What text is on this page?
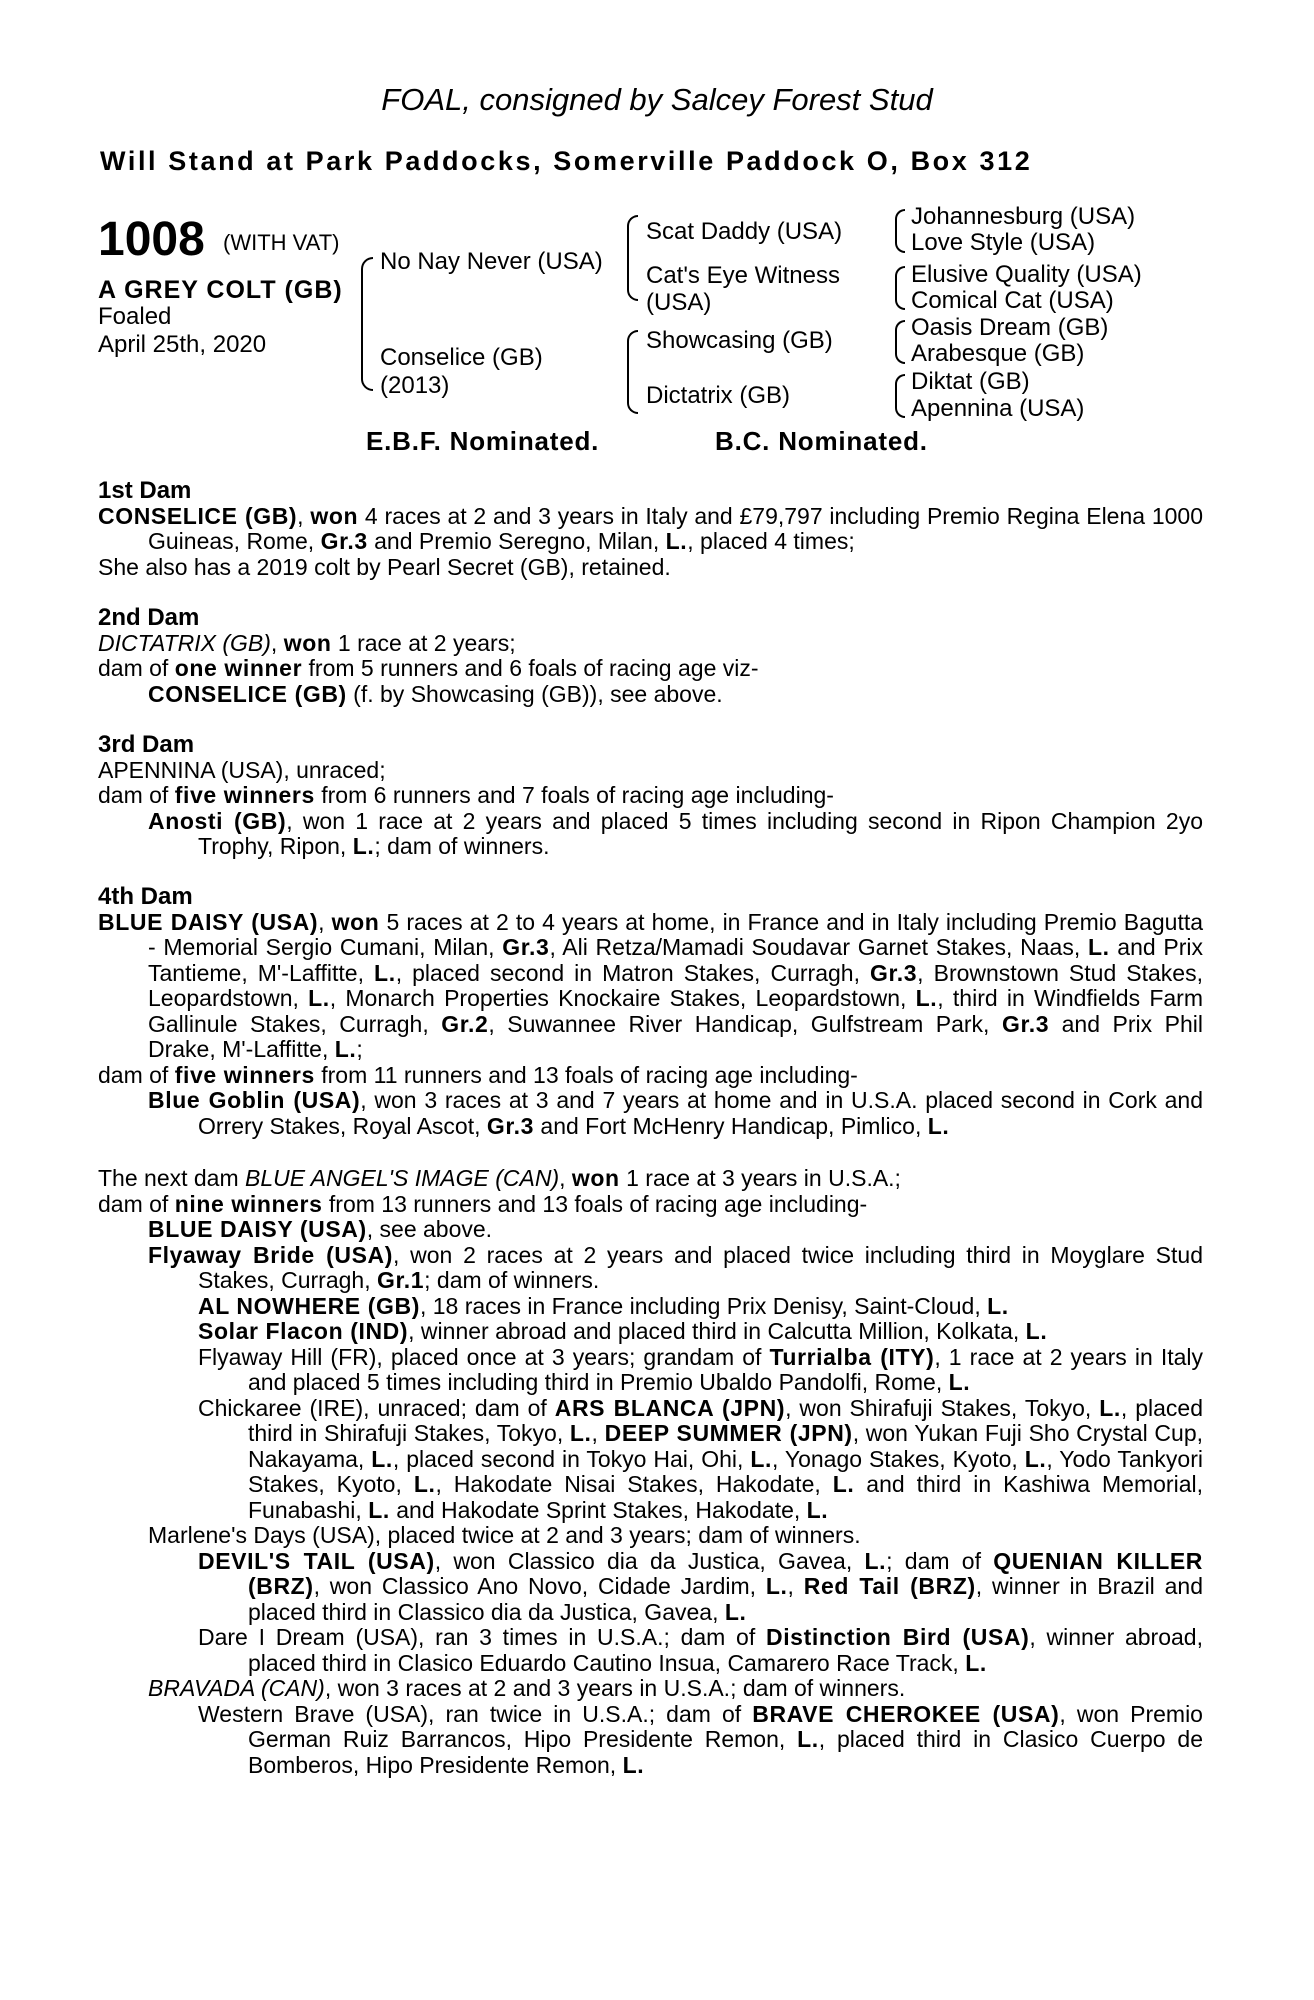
FOAL, consigned by Salcey Forest Stud
Will Stand at Park Paddocks, Somerville Paddock O, Box 312
1008 (WITH VAT)
A GREY COLT (GB)
Foaled
April 25th, 2020
No Nay Never (USA)
Conselice (GB)
(2013)
Scat Daddy (USA)
Cat's Eye Witness
(USA)
Showcasing (GB)
Dictatrix (GB)
Johannesburg (USA)
Love Style (USA)
Elusive Quality (USA)
Comical Cat (USA)
Oasis Dream (GB)
Arabesque (GB)
Diktat (GB)
Apennina (USA)
E.B.F. Nominated.	B.C. Nominated.

1st Dam

CONSELICE (GB), won 4 races at 2 and 3 years in Italy and £79,797 including Premio Regina Elena 1000 Guineas, Rome, Gr.3 and Premio Seregno, Milan, L., placed 4 times;

She also has a 2019 colt by Pearl Secret (GB), retained.

2nd Dam

DICTATRIX (GB), won 1 race at 2 years;

dam of one winner from 5 runners and 6 foals of racing age viz-

CONSELICE (GB) (f. by Showcasing (GB)), see above.

3rd Dam

APENNINA (USA), unraced;

dam of five winners from 6 runners and 7 foals of racing age including-

Anosti (GB), won 1 race at 2 years and placed 5 times including second in Ripon Champion 2yo Trophy, Ripon, L.; dam of winners.

4th Dam

BLUE DAISY (USA), won 5 races at 2 to 4 years at home, in France and in Italy including Premio Bagutta - Memorial Sergio Cumani, Milan, Gr.3, Ali Retza/Mamadi Soudavar Garnet Stakes, Naas, L. and Prix Tantieme, M'-Laffitte, L., placed second in Matron Stakes, Curragh, Gr.3, Brownstown Stud Stakes, Leopardstown, L., Monarch Properties Knockaire Stakes, Leopardstown, L., third in Windfields Farm Gallinule Stakes, Curragh, Gr.2, Suwannee River Handicap, Gulfstream Park, Gr.3 and Prix Phil Drake, M'-Laffitte, L.;

dam of five winners from 11 runners and 13 foals of racing age including-

Blue Goblin (USA), won 3 races at 3 and 7 years at home and in U.S.A. placed second in Cork and Orrery Stakes, Royal Ascot, Gr.3 and Fort McHenry Handicap, Pimlico, L.

The next dam BLUE ANGEL'S IMAGE (CAN), won 1 race at 3 years in U.S.A.;

dam of nine winners from 13 runners and 13 foals of racing age including-

BLUE DAISY (USA), see above.

Flyaway Bride (USA), won 2 races at 2 years and placed twice including third in Moyglare Stud Stakes, Curragh, Gr.1; dam of winners.

AL NOWHERE (GB), 18 races in France including Prix Denisy, Saint-Cloud, L.

Solar Flacon (IND), winner abroad and placed third in Calcutta Million, Kolkata, L.

Flyaway Hill (FR), placed once at 3 years; grandam of Turrialba (ITY), 1 race at 2 years in Italy and placed 5 times including third in Premio Ubaldo Pandolfi, Rome, L.

Chickaree (IRE), unraced; dam of ARS BLANCA (JPN), won Shirafuji Stakes, Tokyo, L., placed third in Shirafuji Stakes, Tokyo, L., DEEP SUMMER (JPN), won Yukan Fuji Sho Crystal Cup, Nakayama, L., placed second in Tokyo Hai, Ohi, L., Yonago Stakes, Kyoto, L., Yodo Tankyori Stakes, Kyoto, L., Hakodate Nisai Stakes, Hakodate, L. and third in Kashiwa Memorial, Funabashi, L. and Hakodate Sprint Stakes, Hakodate, L.

Marlene's Days (USA), placed twice at 2 and 3 years; dam of winners.

DEVIL'S TAIL (USA), won Classico dia da Justica, Gavea, L.; dam of QUENIAN KILLER (BRZ), won Classico Ano Novo, Cidade Jardim, L., Red Tail (BRZ), winner in Brazil and placed third in Classico dia da Justica, Gavea, L.

Dare I Dream (USA), ran 3 times in U.S.A.; dam of Distinction Bird (USA), winner abroad, placed third in Clasico Eduardo Cautino Insua, Camarero Race Track, L.

BRAVADA (CAN), won 3 races at 2 and 3 years in U.S.A.; dam of winners.

Western Brave (USA), ran twice in U.S.A.; dam of BRAVE CHEROKEE (USA), won Premio German Ruiz Barrancos, Hipo Presidente Remon, L., placed third in Clasico Cuerpo de Bomberos, Hipo Presidente Remon, L.
